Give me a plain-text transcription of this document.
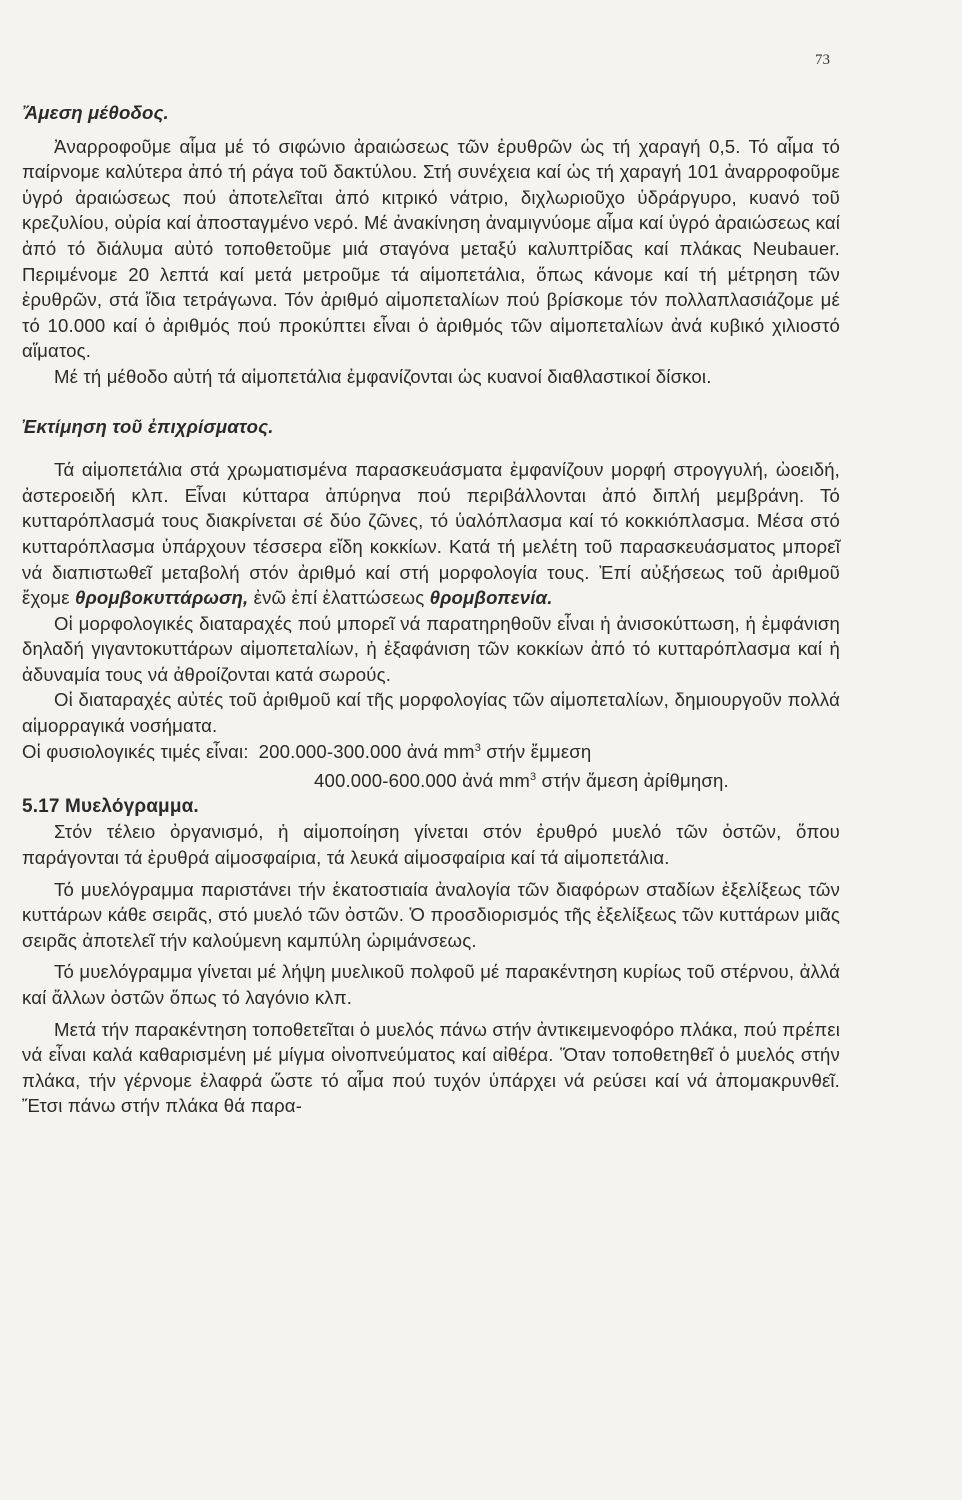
73

Ἄμεση μέθοδος.

Ἀναρροφοῦμε αἷμα μέ τό σιφώνιο ἀραιώσεως τῶν ἐρυθρῶν ὡς τή χαραγή 0,5. Τό αἷμα τό παίρνομε καλύτερα ἀπό τή ράγα τοῦ δακτύλου. Στή συνέχεια καί ὡς τή χαραγή 101 ἀναρροφοῦμε ὑγρό ἀραιώσεως πού ἀποτελεῖται ἀπό κιτρικό νάτριο, διχλωριοῦχο ὑδράργυρο, κυανό τοῦ κρεζυλίου, οὐρία καί ἀποσταγμένο νερό. Μέ ἀνακίνηση ἀναμιγνύομε αἷμα καί ὑγρό ἀραιώσεως καί ἀπό τό διάλυμα αὐτό τοποθετοῦμε μιά σταγόνα μεταξύ καλυπτρίδας καί πλάκας Neubauer. Περιμένομε 20 λεπτά καί μετά μετροῦμε τά αἱμοπετάλια, ὅπως κάνομε καί τή μέτρηση τῶν ἐρυθρῶν, στά ἴδια τετράγωνα. Τόν ἀριθμό αἱμοπεταλίων πού βρίσκομε τόν πολλαπλασιάζομε μέ τό 10.000 καί ὁ ἀριθμός πού προκύπτει εἶναι ὁ ἀριθμός τῶν αἱμοπεταλίων ἀνά κυβικό χιλιοστό αἵματος.

Μέ τή μέθοδο αὐτή τά αἱμοπετάλια ἐμφανίζονται ὡς κυανοί διαθλαστικοί δίσκοι.

Ἐκτίμηση τοῦ ἐπιχρίσματος.

Τά αἱμοπετάλια στά χρωματισμένα παρασκευάσματα ἐμφανίζουν μορφή στρογγυλή, ὠοειδή, ἀστεροειδή κλπ. Εἶναι κύτταρα ἀπύρηνα πού περιβάλλονται ἀπό διπλή μεμβράνη. Τό κυτταρόπλασμά τους διακρίνεται σέ δύο ζῶνες, τό ὑαλόπλασμα καί τό κοκκιόπλασμα. Μέσα στό κυτταρόπλασμα ὑπάρχουν τέσσερα εἴδη κοκκίων. Κατά τή μελέτη τοῦ παρασκευάσματος μπορεῖ νά διαπιστωθεῖ μεταβολή στόν ἀριθμό καί στή μορφολογία τους. Ἐπί αὐξήσεως τοῦ ἀριθμοῦ ἔχομε θρομβοκυττάρωση, ἐνῶ ἐπί ἐλαττώσεως θρομβοπενία.

Οἱ μορφολογικές διαταραχές πού μπορεῖ νά παρατηρηθοῦν εἶναι ἡ ἀνισοκύττωση, ἡ ἐμφάνιση δηλαδή γιγαντοκυττάρων αἱμοπεταλίων, ἡ ἐξαφάνιση τῶν κοκκίων ἀπό τό κυτταρόπλασμα καί ἡ ἀδυναμία τους νά ἀθροίζονται κατά σωρούς.

Οἱ διαταραχές αὐτές τοῦ ἀριθμοῦ καί τῆς μορφολογίας τῶν αἱμοπεταλίων, δημιουργοῦν πολλά αἱμορραγικά νοσήματα.

Οἱ φυσιολογικές τιμές εἶναι: 200.000-300.000 ἀνά $mm^3$ στήν ἔμμεση
400.000-600.000 ἀνά $mm^3$ στήν ἄμεση ἀρίθμηση.

5.17 Μυελόγραμμα.

Στόν τέλειο ὀργανισμό, ἡ αἱμοποίηση γίνεται στόν ἐρυθρό μυελό τῶν ὀστῶν, ὅπου παράγονται τά ἐρυθρά αἱμοσφαίρια, τά λευκά αἱμοσφαίρια καί τά αἱμοπετάλια.

Τό μυελόγραμμα παριστάνει τήν ἑκατοστιαία ἀναλογία τῶν διαφόρων σταδίων ἐξελίξεως τῶν κυττάρων κάθε σειρᾶς, στό μυελό τῶν ὀστῶν. Ὁ προσδιορισμός τῆς ἐξελίξεως τῶν κυττάρων μιᾶς σειρᾶς ἀποτελεῖ τήν καλούμενη καμπύλη ὡριμάνσεως.

Τό μυελόγραμμα γίνεται μέ λήψη μυελικοῦ πολφοῦ μέ παρακέντηση κυρίως τοῦ στέρνου, ἀλλά καί ἄλλων ὀστῶν ὅπως τό λαγόνιο κλπ.

Μετά τήν παρακέντηση τοποθετεῖται ὁ μυελός πάνω στήν ἀντικειμενοφόρο πλάκα, πού πρέπει νά εἶναι καλά καθαρισμένη μέ μίγμα οἰνοπνεύματος καί αἰθέρα. Ὅταν τοποθετηθεῖ ὁ μυελός στήν πλάκα, τήν γέρνομε ἐλαφρά ὥστε τό αἷμα πού τυχόν ὑπάρχει νά ρεύσει καί νά ἀπομακρυνθεῖ. Ἔτσι πάνω στήν πλάκα θά παρα-
